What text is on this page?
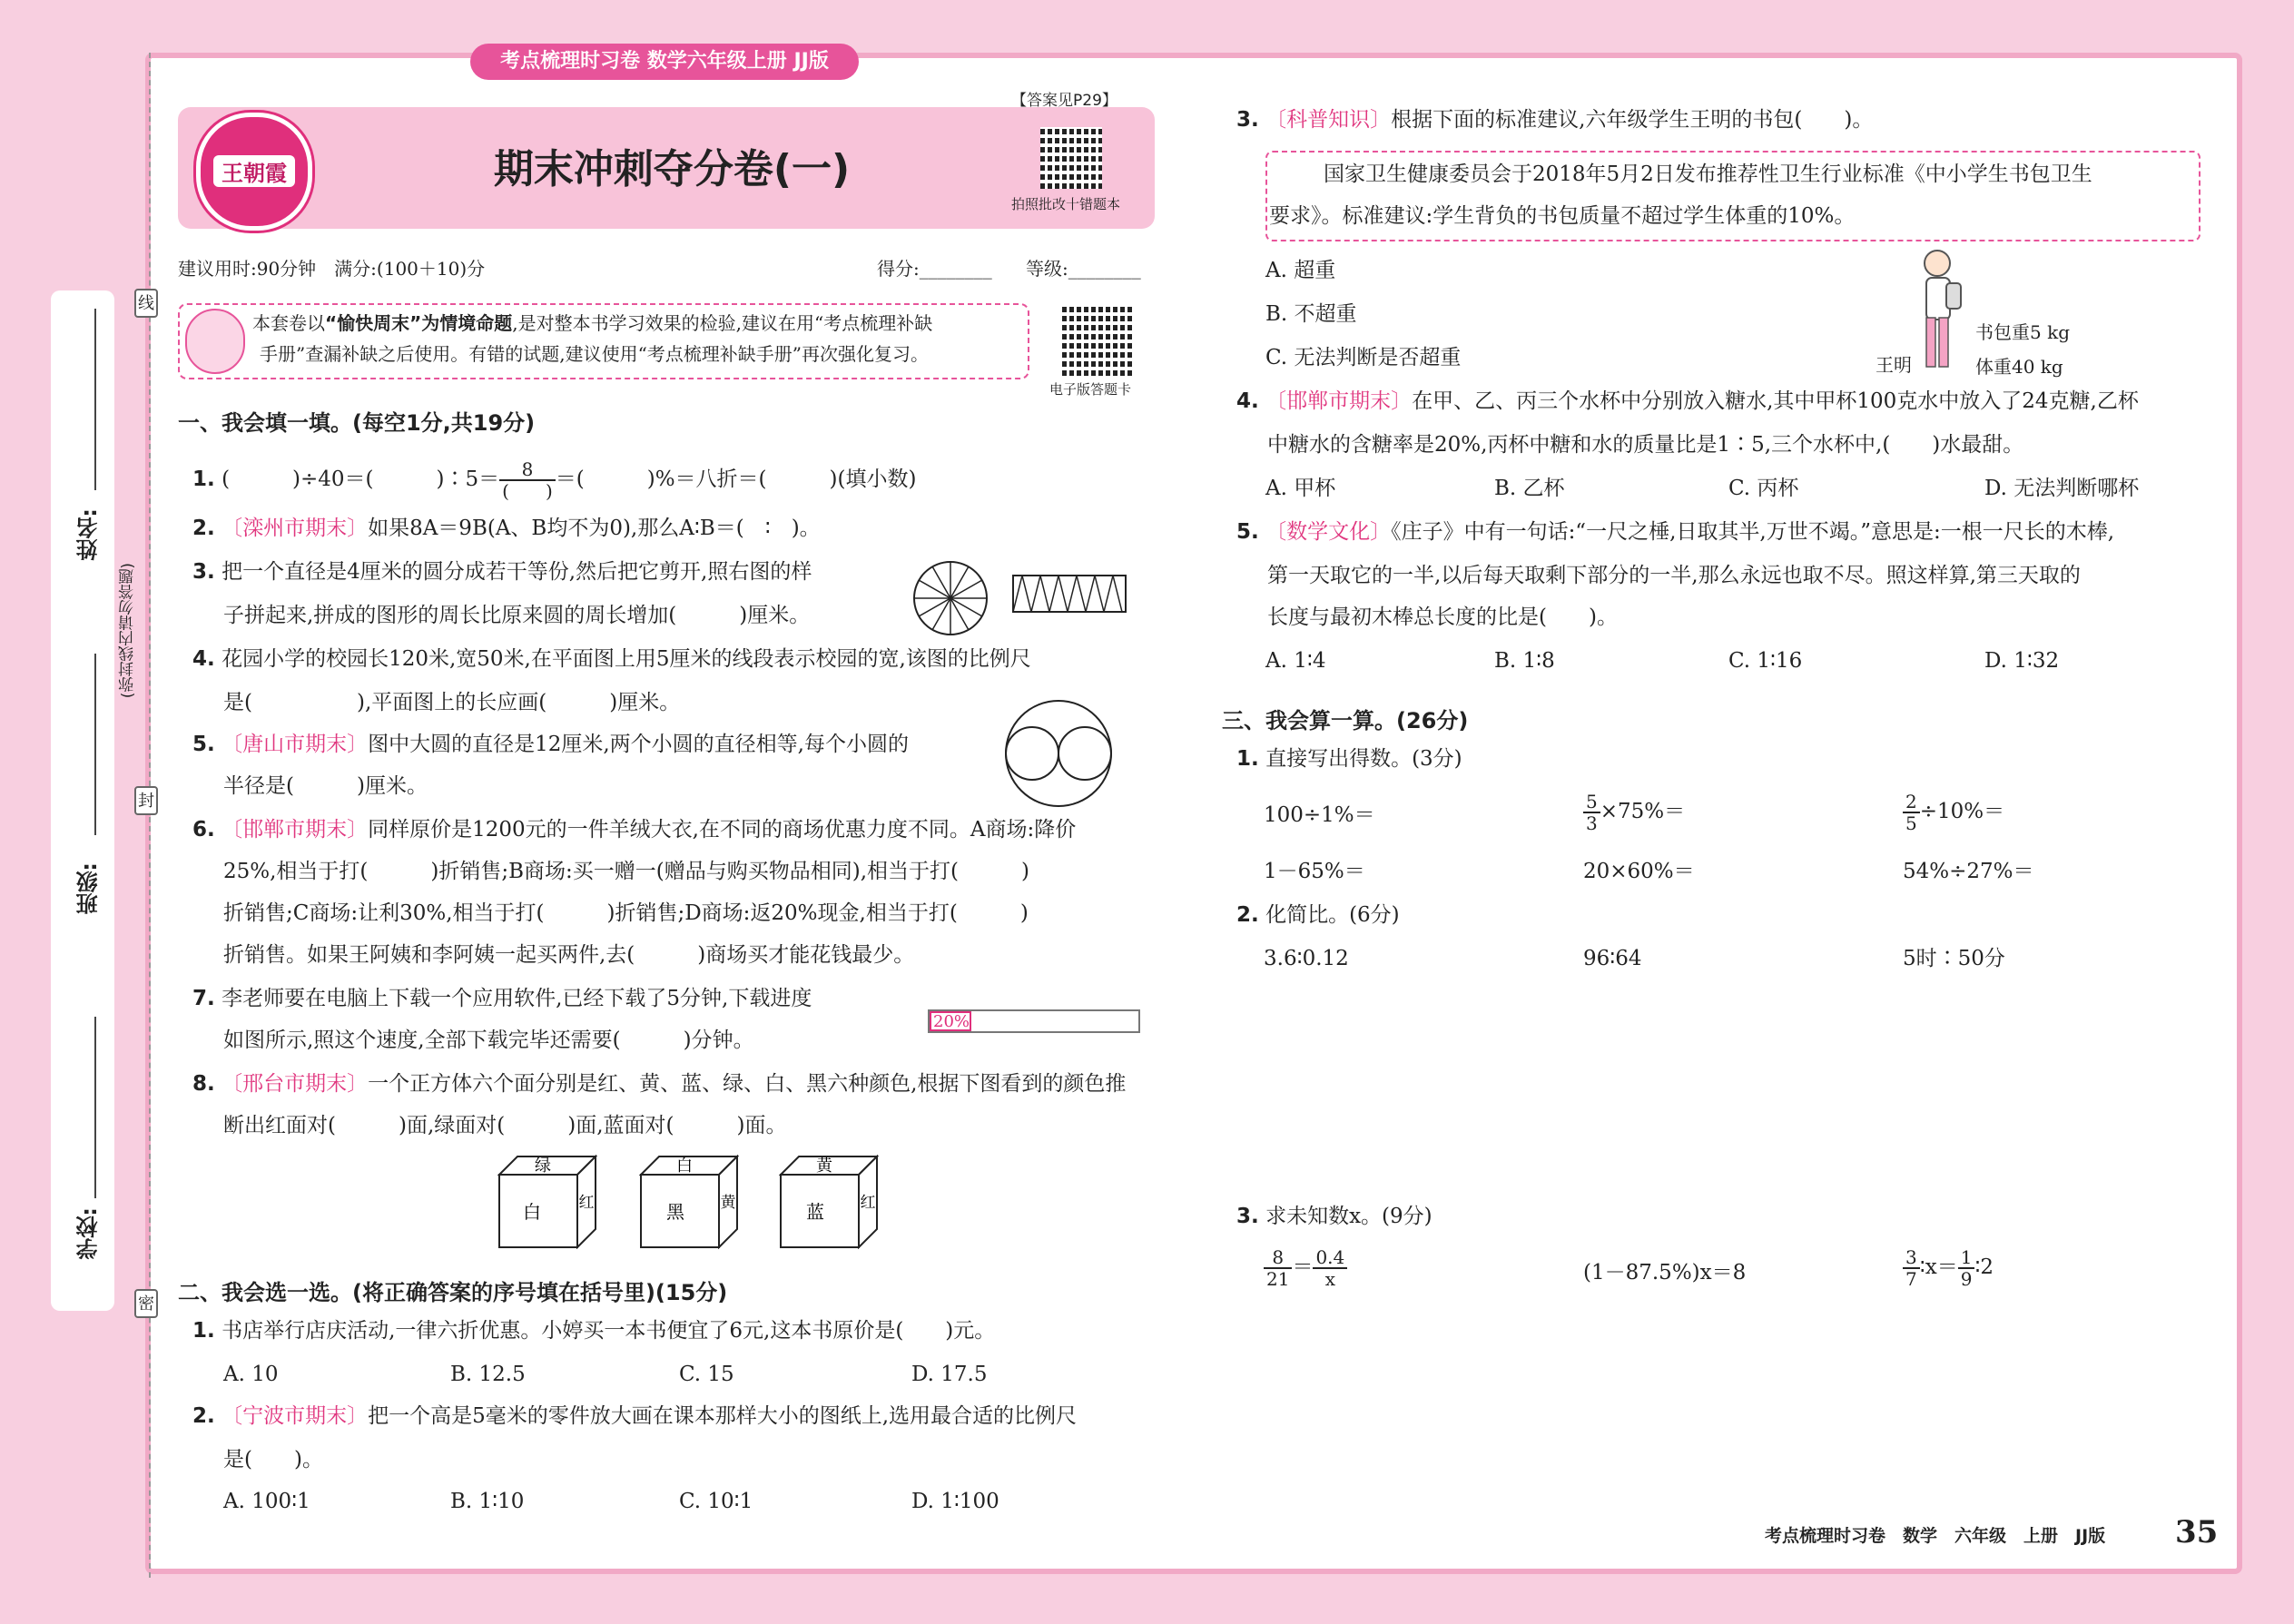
姓名:
班级:
学校:
(弥封线内请勿答题)
线
封
密
考点梳理时习卷 数学六年级上册 JJ版
王朝霞	期末冲刺夺分卷(一)
【答案见P29】
拍照批改十错题本
建议用时:90分钟　满分:(100＋10)分	得分:________ 等级:________
本套卷以“愉快周末”为情境命题,是对整本书学习效果的检验,建议在用“考点梳理补缺
手册”查漏补缺之后使用。有错的试题,建议使用“考点梳理补缺手册”再次强化复习。
电子版答题卡
一、我会填一填。(每空1分,共19分)
1. (　　　)÷40＝(　　　)∶5＝ $\frac{8}{( )}$ ＝(　　　)%＝八折＝(　　　)(填小数)
2. 〔滦州市期末〕如果8A＝9B(A、B均不为0),那么A∶B＝(　∶　)。
3. 把一个直径是4厘米的圆分成若干等份,然后把它剪开,照右图的样
子拼起来,拼成的图形的周长比原来圆的周长增加(　　　)厘米。
4. 花园小学的校园长120米,宽50米,在平面图上用5厘米的线段表示校园的宽,该图的比例尺
是(　　　　　),平面图上的长应画(　　　)厘米。
5. 〔唐山市期末〕图中大圆的直径是12厘米,两个小圆的直径相等,每个小圆的
半径是(　　　)厘米。
6. 〔邯郸市期末〕同样原价是1200元的一件羊绒大衣,在不同的商场优惠力度不同。A商场:降价
25%,相当于打(　　　)折销售;B商场:买一赠一(赠品与购买物品相同),相当于打(　　　)
折销售;C商场:让利30%,相当于打(　　　)折销售;D商场:返20%现金,相当于打(　　　)
折销售。如果王阿姨和李阿姨一起买两件,去(　　　)商场买才能花钱最少。
7. 李老师要在电脑上下载一个应用软件,已经下载了5分钟,下载进度
如图所示,照这个速度,全部下载完毕还需要(　　　)分钟。
20%
8. 〔邢台市期末〕一个正方体六个面分别是红、黄、蓝、绿、白、黑六种颜色,根据下图看到的颜色推
断出红面对(　　　)面,绿面对(　　　)面,蓝面对(　　　)面。
绿
白 红
白
黑 黄
黄
蓝 红
二、我会选一选。(将正确答案的序号填在括号里)(15分)
1. 书店举行店庆活动,一律六折优惠。小婷买一本书便宜了6元,这本书原价是(　　)元。
A. 10	B. 12.5	C. 15	D. 17.5
2. 〔宁波市期末〕把一个高是5毫米的零件放大画在课本那样大小的图纸上,选用最合适的比例尺
是(　　)。
A. 100∶1	B. 1∶10	C. 10∶1	D. 1∶100
3. 〔科普知识〕根据下面的标准建议,六年级学生王明的书包(　　)。
国家卫生健康委员会于2018年5月2日发布推荐性卫生行业标准《中小学生书包卫生
要求》。标准建议:学生背负的书包质量不超过学生体重的10%。
A. 超重
B. 不超重
C. 无法判断是否超重	王明
书包重5 kg
体重40 kg
4. 〔邯郸市期末〕在甲、乙、丙三个水杯中分别放入糖水,其中甲杯100克水中放入了24克糖,乙杯
中糖水的含糖率是20%,丙杯中糖和水的质量比是1∶5,三个水杯中,(　　)水最甜。
A. 甲杯	B. 乙杯	C. 丙杯	D. 无法判断哪杯
5. 〔数学文化〕《庄子》中有一句话:“一尺之棰,日取其半,万世不竭。”意思是:一根一尺长的木棒,
第一天取它的一半,以后每天取剩下部分的一半,那么永远也取不尽。照这样算,第三天取的
长度与最初木棒总长度的比是(　　)。
A. 1∶4	B. 1∶8	C. 1∶16	D. 1∶32
三、我会算一算。(26分)
1. 直接写出得数。(3分)
100÷1%＝	$\frac{5}{3} \times 75\%=$	$\frac{2}{5} \div 10\%=$
1－65%＝	20×60%＝	54%÷27%＝
2. 化简比。(6分)
3.6∶0.12	96∶64	5时∶50分
3. 求未知数x。(9分)
$\frac{8}{21} = \frac{0.4}{x}$	(1－87.5%)x＝8	$\frac{3}{7}$ ∶x＝ $\frac{1}{9}$ ∶2
考点梳理时习卷　数学　六年级　上册　JJ版 35
